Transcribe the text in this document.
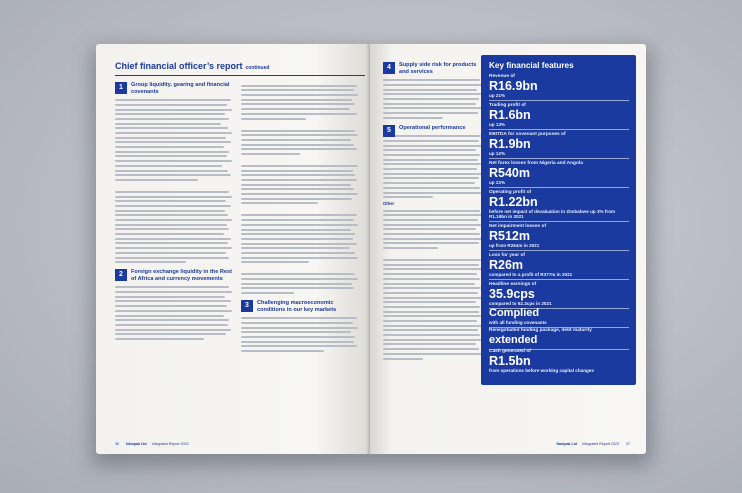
Chief financial officer’s report continued
1	Group liquidity, gearing and financial covenants
2	Foreign exchange liquidity in the Rest of Africa and currency movements
3	Challenging macroeconomic conditions in our key markets
36 Nampak Ltd Integrated Report 2023
4	Supply side risk for products and services
5	Operational performance
Other
Nampak Ltd Integrated Report 2023 37
Key financial features
Revenue of
R16.9bn
up 21%
Trading profit of
R1.6bn
up 13%
EBITDA for covenant purposes of
R1.9bn
up 12%
Net forex losses from Nigeria and Angola
R540m
up 22%
Operating profit of
R1.22bn
before net impact of devaluation in Zimbabwe up 3% from R1.19bn in 2021
Net impairment losses of
R512m
up from R264m in 2021
Loss for year of
R26m
compared to a profit of R377m in 2021
Headline earnings of
35.9cps
compared to 62.3cps in 2021
Complied
with all funding covenants
Renegotiated funding package, debt maturity
extended
Cash generated of
R1.5bn
from operations before working capital changes
